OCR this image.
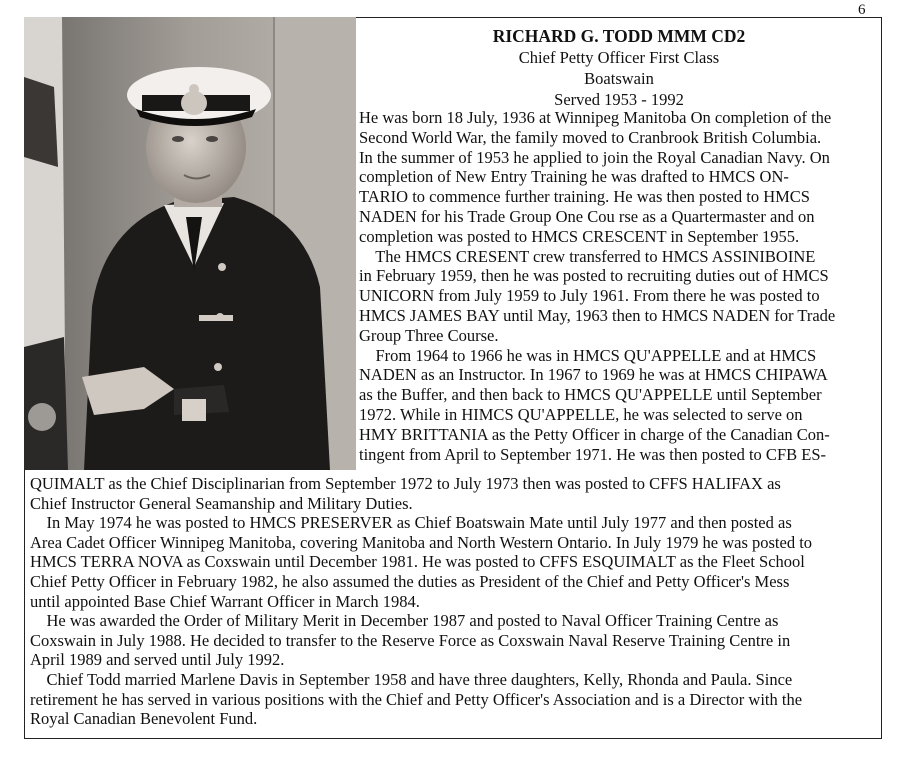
6
RICHARD G. TODD MMM CD2
Chief Petty Officer First Class
Boatswain
Served 1953 - 1992
He was born 18 July, 1936 at Winnipeg Manitoba On completion of the
Second World War, the family moved to Cranbrook British Columbia.
In the summer of 1953 he applied to join the Royal Canadian Navy. On
completion of New Entry Training he was drafted to HMCS ON-
TARIO to commence further training. He was then posted to HMCS
NADEN for his Trade Group One Cou rse as a Quartermaster and on
completion was posted to HMCS CRESCENT in September 1955.
The HMCS CRESENT crew transferred to HMCS ASSINIBOINE
in February 1959, then he was posted to recruiting duties out of HMCS
UNICORN from July 1959 to July 1961. From there he was posted to
HMCS JAMES BAY until May, 1963 then to HMCS NADEN for Trade
Group Three Course.
From 1964 to 1966 he was in HMCS QU'APPELLE and at HMCS
NADEN as an Instructor. In 1967 to 1969 he was at HMCS CHIPAWA
as the Buffer, and then back to HMCS QU'APPELLE until September
1972. While in HIMCS QU'APPELLE, he was selected to serve on
HMY BRITTANIA as the Petty Officer in charge of the Canadian Con-
tingent from April to September 1971. He was then posted to CFB ES-
QUIMALT as the Chief Disciplinarian from September 1972 to July 1973 then was posted to CFFS HALIFAX as
Chief Instructor General Seamanship and Military Duties.
In May 1974 he was posted to HMCS PRESERVER as Chief Boatswain Mate until July 1977 and then posted as
Area Cadet Officer Winnipeg Manitoba, covering Manitoba and North Western Ontario. In July 1979 he was posted to
HMCS TERRA NOVA as Coxswain until December 1981. He was posted to CFFS ESQUIMALT as the Fleet School
Chief Petty Officer in February 1982, he also assumed the duties as President of the Chief and Petty Officer's Mess
until appointed Base Chief Warrant Officer in March 1984.
He was awarded the Order of Military Merit in December 1987 and posted to Naval Officer Training Centre as
Coxswain in July 1988. He decided to transfer to the Reserve Force as Coxswain Naval Reserve Training Centre in
April 1989 and served until July 1992.
Chief Todd married Marlene Davis in September 1958 and have three daughters, Kelly, Rhonda and Paula. Since
retirement he has served in various positions with the Chief and Petty Officer's Association and is a Director with the
Royal Canadian Benevolent Fund.
